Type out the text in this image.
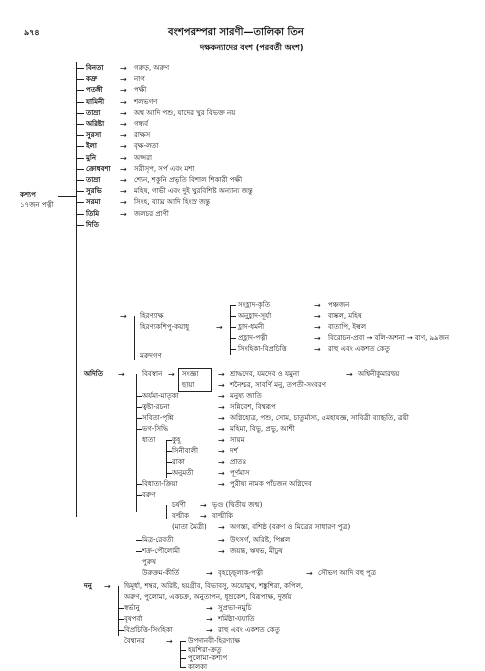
৯৭৪	বংশপরম্পরা সারণী—তালিকা তিন
দক্ষকন্যাদের বংশ (পরবর্তী অংশ)
কশ্যপ
১৭জন পত্নী
বিনতা → গরুড়, অরুণ
কদ্রু	→ নাগ
পতঙ্গী → পক্ষী
যামিনী → শলভগণ
তাম্রা → অশ্ব আদি পশু, যাদের খুর বিভক্ত নয়
অরিষ্টা → গন্ধর্ব
সুরসা → রাক্ষস
ইলা	→ বৃক্ষ-লতা
মুনি	→ অপ্সরা
ক্রোধবশা → সরীসৃপ, সর্প এবং মশা
তাম্রা → শ্যেন, শকুনি প্রভৃতি বিশাল শিকারী পক্ষী
সুরভি → মহিষ, গাভী এবং দুই খুরবিশিষ্ট অন্যান্য জন্তু
সরমা → সিংহ, ব্যাঘ্র আদি হিংস্র জন্তু
তিমি	→ জলচর প্রাণী
দিতি
→ হিরণ্যাক্ষ
হিরণ্যকশিপু-কয়াধু
মরুদগণ
→
সংহ্লাদ-কৃতি	→ পঞ্চজন
অনুহ্লাদ-সূর্যা	→ বাষ্কল, মহিষ
হ্লাদ-ধমনী	→ বাতাপি, ইল্বল
প্রহ্লাদ-পত্নী	→ বিরোচন-প্রবা → বলি-অশনা → বাণ, ৯৯জন
সিংহিকা-বিপ্রচিত্তি	→ রাহু এবং একশত কেতু
অদিতি → বিবস্বান → সংজ্ঞা
ছায়া
→ শ্রাদ্ধদেব, যমদেব ও যমুনা	→ অশ্বিনীকুমারদ্বয়
→ শনৈশ্চর, সাবর্ণি মনু, তপতী-সংবরণ
অর্যমা-মাতৃকা	→ মনুষ্য জাতি
ত্বষ্টা-রচনা	→ সন্নিবেশ, বিশ্বরূপ
সবিতা-পৃশ্নি	→ অগ্নিহোত্র, পশু, সোম, চাতুর্মাস্য, ৫মহাযজ্ঞ, সাবিত্রী ব্যাহৃতি, ত্রয়ী
ভগ-সিদ্ধি	→ মহিমা, বিভু, প্রভু, আশী
ধাতা কুহূ	→ সায়ম
সিনীবালী	→ দর্শ
রাকা	→ প্রাতঃ
অনুমতী	→ পূর্ণমাস
বিধাতা-ক্রিয়া	→ পুরীষ্য নামক পাঁচজন অগ্নিদেব
বরুণ
চর্ষণী → ভৃগু (দ্বিতীয় জন্ম)
বল্মীক → বাল্মীকি
(মাতা মৈত্রী) → অগস্ত্য, বশিষ্ঠ (বরুণ ও মিত্রের সাধারণ পুত্র)
মিত্র-রেবতী	→ উৎসর্গ, অরিষ্ট, পিপ্পল
শক্র-পৌলোমী	→ জয়ন্ত, ঋষভ, মীঢুষ
পুরুষ
উরুক্রম-কীর্তি	→ বৃহচ্ছ্লোক-পত্নী	→ সৌভগ আদি বহু পুত্র
দনু → দ্বিমূর্ধা, শম্বর, অরিষ্ট, হয়গ্রীব, বিভাবসু, অয়োমুখ, শঙ্কুশিরা, কপিল,
অরুণ, পুলোমা, একচক্র, অনুতাপন, ধূম্রকেশ, বিরূপাক্ষ, দুর্জয়
স্বর্ভানু	→ সুপ্রভা-নমুচি
বৃষপর্বা	→ শর্মিষ্ঠা-যযাতি
বিপ্রচিত্তি-সিংহিকা	→ রাহু এবং একশত কেতু
বৈশ্বানর	→ উপদানবী-হিরণ্যাক্ষ
হয়শিরা-ক্রতু
পুলোমা-কশ্যপ
কালকা
